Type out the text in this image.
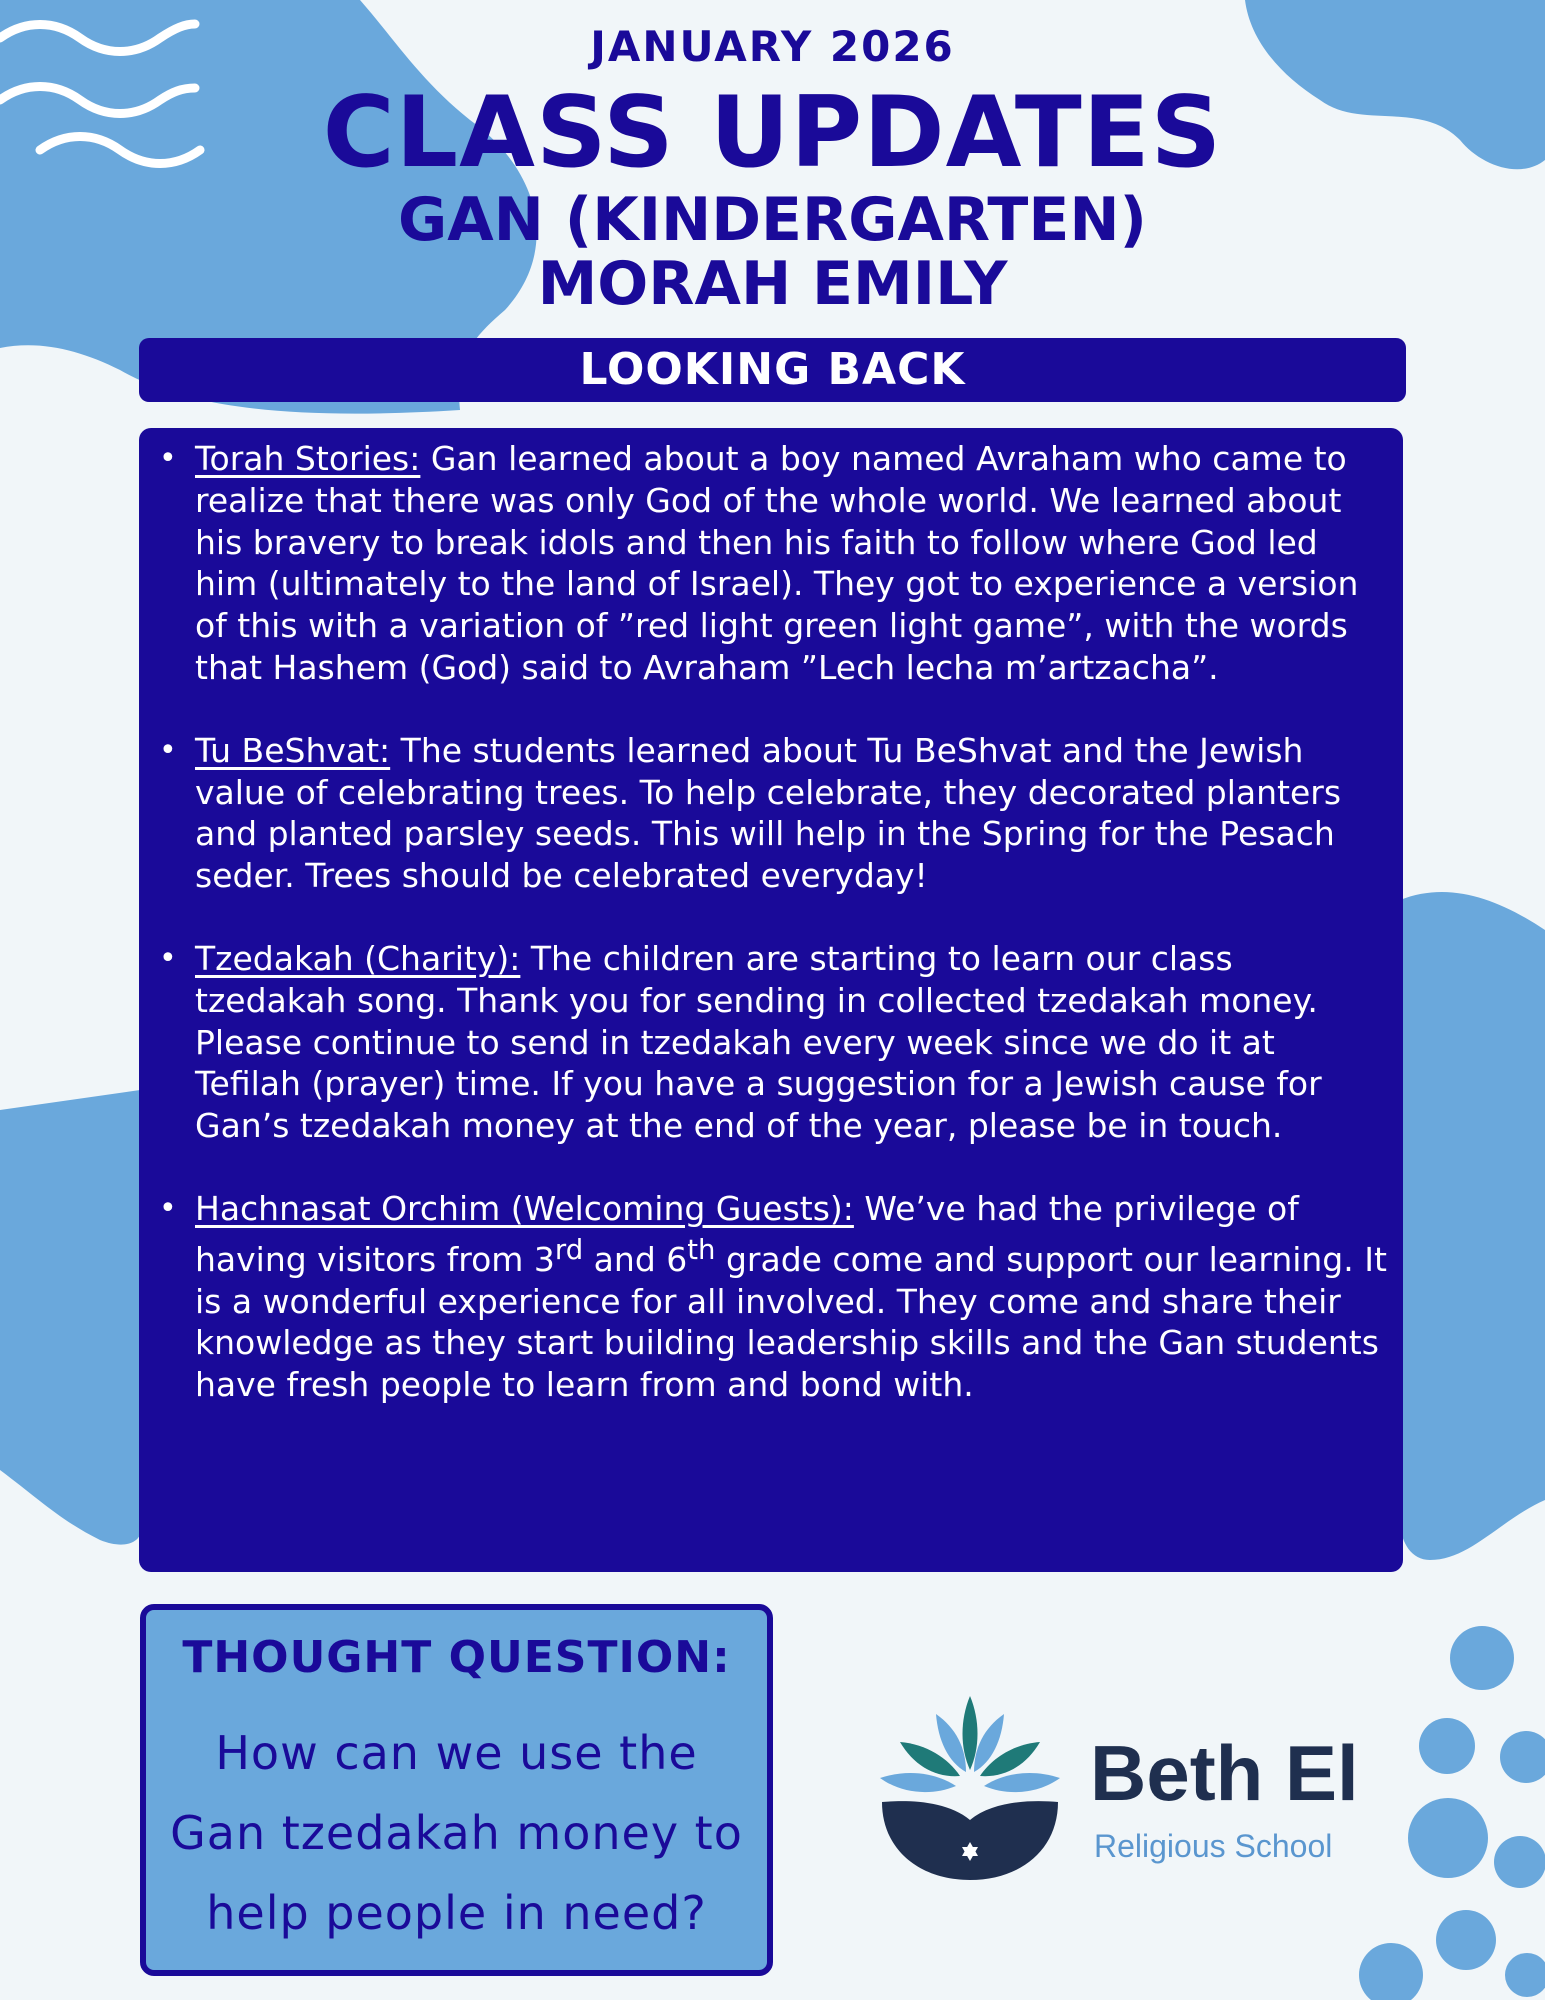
JANUARY 2026
CLASS UPDATES
GAN (KINDERGARTEN)
MORAH EMILY
LOOKING BACK
• Torah Stories: Gan learned about a boy named Avraham who came to realize that there was only God of the whole world. We learned about his bravery to break idols and then his faith to follow where God led him (ultimately to the land of Israel). They got to experience a version of this with a variation of ”red light green light game”, with the words that Hashem (God) said to Avraham ”Lech lecha m’artzacha”.
• Tu BeShvat: The students learned about Tu BeShvat and the Jewish value of celebrating trees. To help celebrate, they decorated planters and planted parsley seeds. This will help in the Spring for the Pesach seder. Trees should be celebrated everyday!
• Tzedakah (Charity): The children are starting to learn our class tzedakah song. Thank you for sending in collected tzedakah money. Please continue to send in tzedakah every week since we do it at Tefilah (prayer) time. If you have a suggestion for a Jewish cause for Gan’s tzedakah money at the end of the year, please be in touch.
• Hachnasat Orchim (Welcoming Guests): We’ve had the privilege of having visitors from 3rd and 6th grade come and support our learning. It is a wonderful experience for all involved. They come and share their knowledge as they start building leadership skills and the Gan students have fresh people to learn from and bond with.
THOUGHT QUESTION:
How can we use the Gan tzedakah money to help people in need?
Beth El
Religious School
